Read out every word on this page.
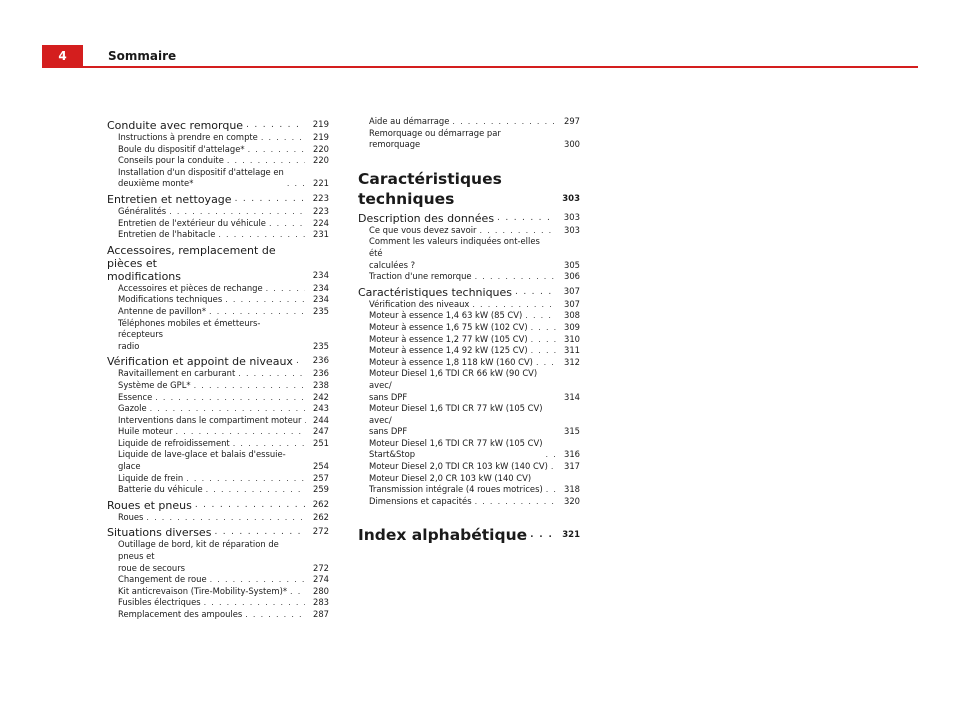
4	Sommaire
Conduite avec remorque . . .	219
Instructions à prendre en compte . . .	219
Boule du dispositif d'attelage* . . .	220
Conseils pour la conduite . . .	220
Installation d'un dispositif d'attelage en
deuxième monte* . . .	221
Entretien et nettoyage . . .	223
Généralités . . .	223
Entretien de l'extérieur du véhicule . . .	224
Entretien de l'habitacle . . .	231
Accessoires, remplacement de pièces et
modifications	234
Accessoires et pièces de rechange . . .	234
Modifications techniques . . .	234
Antenne de pavillon* . . .	235
Téléphones mobiles et émetteurs-récepteurs
radio	235
Vérification et appoint de niveaux . . .	236
Ravitaillement en carburant . . .	236
Système de GPL* . . .	238
Essence . . .	242
Gazole . . .	243
Interventions dans le compartiment moteur . . .	244
Huile moteur . . .	247
Liquide de refroidissement . . .	251
Liquide de lave-glace et balais d'essuie-glace	254
Liquide de frein . . .	257
Batterie du véhicule . . .	259
Roues et pneus . . .	262
Roues . . .	262
Situations diverses . . .	272
Outillage de bord, kit de réparation de pneus et
roue de secours	272
Changement de roue . . .	274
Kit anticrevaison (Tire-Mobility-System)* . . .	280
Fusibles électriques . . .	283
Remplacement des ampoules . . .	287
Aide au démarrage . . .	297
Remorquage ou démarrage par remorquage	300
Caractéristiques techniques	303
Description des données . . .	303
Ce que vous devez savoir . . .	303
Comment les valeurs indiquées ont-elles été
calculées ?	305
Traction d'une remorque . . .	306
Caractéristiques techniques . . .	307
Vérification des niveaux . . .	307
Moteur à essence 1,4 63 kW (85 CV) . . .	308
Moteur à essence 1,6 75 kW (102 CV) . . .	309
Moteur à essence 1,2 77 kW (105 CV) . . .	310
Moteur à essence 1,4 92 kW (125 CV) . . .	311
Moteur à essence 1,8 118 kW (160 CV) . . .	312
Moteur Diesel 1,6 TDI CR 66 kW (90 CV) avec/
sans DPF	314
Moteur Diesel 1,6 TDI CR 77 kW (105 CV) avec/
sans DPF	315
Moteur Diesel 1,6 TDI CR 77 kW (105 CV)
Start&Stop . . .	316
Moteur Diesel 2,0 TDI CR 103 kW (140 CV) . . .	317
Moteur Diesel 2,0 CR 103 kW (140 CV)
Transmission intégrale (4 roues motrices) . . .	318
Dimensions et capacités . . .	320
Index alphabétique . . .	321
